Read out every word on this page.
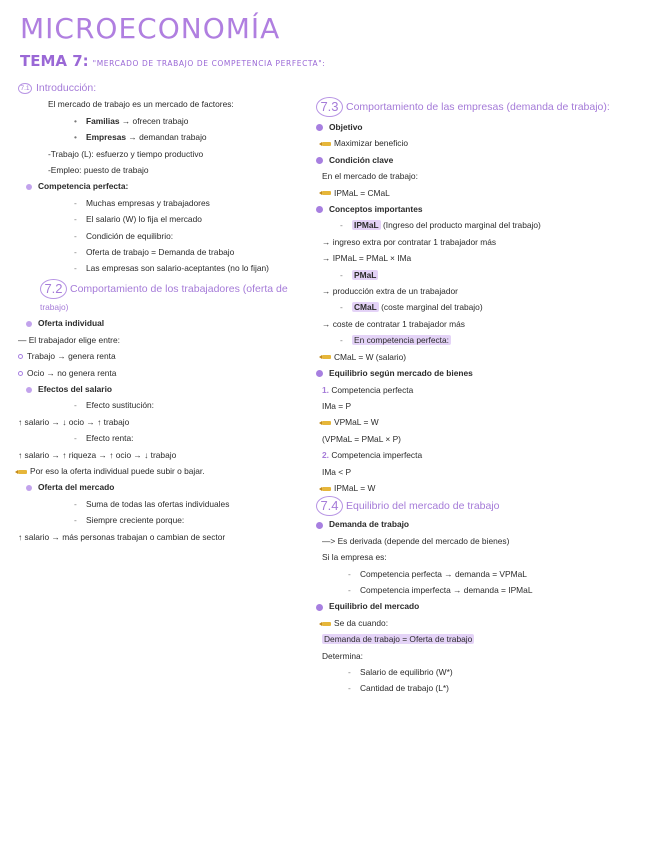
MICROECONOMÍA
TEMA 7: "MERCADO DE TRABAJO DE COMPETENCIA PERFECTA":
7.1 Introducción:
El mercado de trabajo es un mercado de factores:
• Familias → ofrecen trabajo
• Empresas → demandan trabajo
-Trabajo (L): esfuerzo y tiempo productivo
-Empleo: puesto de trabajo
Competencia perfecta:
- Muchas empresas y trabajadores
- El salario (W) lo fija el mercado
- Condición de equilibrio:
- Oferta de trabajo = Demanda de trabajo
- Las empresas son salario-aceptantes (no lo fijan)
7.2 Comportamiento de los trabajadores (oferta de
trabajo)
Oferta individual
— El trabajador elige entre:
Trabajo → genera renta
Ocio → no genera renta
Efectos del salario
- Efecto sustitución:
↑ salario → ↓ ocio → ↑ trabajo
- Efecto renta:
↑ salario → ↑ riqueza → ↑ ocio → ↓ trabajo
Por eso la oferta individual puede subir o bajar.
Oferta del mercado
- Suma de todas las ofertas individuales
- Siempre creciente porque:
↑ salario → más personas trabajan o cambian de sector
7.3 Comportamiento de las empresas (demanda de trabajo):
Objetivo
Maximizar beneficio
Condición clave
En el mercado de trabajo:
IPMaL = CMaL
Conceptos importantes
- IPMaL (Ingreso del producto marginal del trabajo)
→ ingreso extra por contratar 1 trabajador más
→ IPMaL = PMaL × IMa
- PMaL
→ producción extra de un trabajador
- CMaL (coste marginal del trabajo)
→ coste de contratar 1 trabajador más
- En competencia perfecta:
CMaL = W (salario)
Equilibrio según mercado de bienes
1. Competencia perfecta
IMa = P
VPMaL = W
(VPMaL = PMaL × P)
2. Competencia imperfecta
IMa < P
IPMaL = W
7.4 Equilibrio del mercado de trabajo
Demanda de trabajo
—> Es derivada (depende del mercado de bienes)
Si la empresa es:
- Competencia perfecta → demanda = VPMaL
- Competencia imperfecta → demanda = IPMaL
Equilibrio del mercado
Se da cuando:
Demanda de trabajo = Oferta de trabajo
Determina:
- Salario de equilibrio (W*)
- Cantidad de trabajo (L*)
